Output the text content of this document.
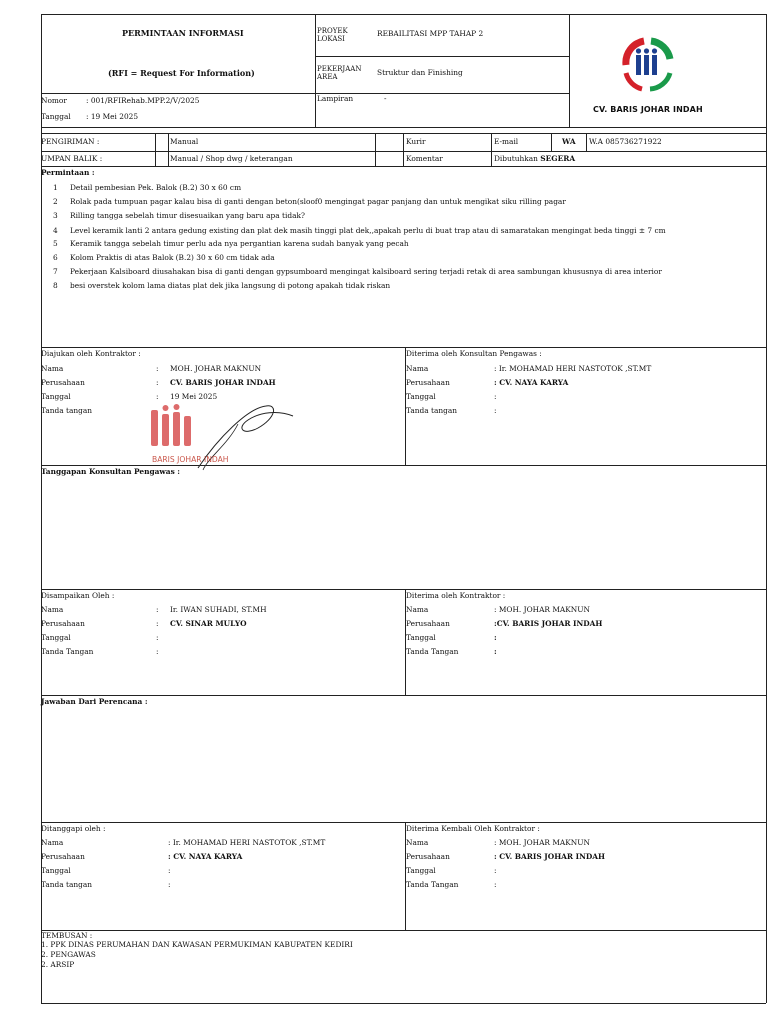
PERMINTAAN INFORMASI
(RFI = Request For Information)
PROYEK LOKASI
REBAILITASI MPP TAHAP 2
PEKERJAAN AREA
Struktur dan Finishing
Lampiran	-
Nomor	: 001/RFIRehab.MPP.2/V/2025
Tanggal : 19 Mei 2025
CV. BARIS JOHAR INDAH
PENGIRIMAN :	Manual	Kurir	E-mail	WA W.A 085736271922
UMPAN BALIK :	Manual / Shop dwg / keterangan	Komentar	Dibutuhkan SEGERA
Permintaan :
1 Detail pembesian Pek. Balok (B.2) 30 x 60 cm
2 Rolak pada tumpuan pagar kalau bisa di ganti dengan beton(sloof0 mengingat pagar panjang dan untuk mengikat siku rilling pagar
3 Rilling tangga sebelah timur disesuaikan yang baru apa tidak?
4 Level keramik lanti 2 antara gedung existing dan plat dek masih tinggi plat dek,,apakah perlu di buat trap atau di samaratakan mengingat beda tinggi ± 7 cm
5 Keramik tangga sebelah timur perlu ada nya pergantian karena sudah banyak yang pecah
6 Kolom Praktis di atas Balok (B.2) 30 x 60 cm tidak ada
7 Pekerjaan Kalsiboard diusahakan bisa di ganti dengan gypsumboard mengingat kalsiboard sering terjadi retak di area sambungan khususnya di area interior
8 besi overstek kolom lama diatas plat dek jika langsung di potong apakah tidak riskan
Diajukan oleh Kontraktor :
Nama	: MOH. JOHAR MAKNUN
Perusahaan	: CV. BARIS JOHAR INDAH
Tanggal	: 19 Mei 2025
Tanda tangan
BARIS JOHAR INDAH
Diterima oleh Konsultan Pengawas :
Nama	: Ir. MOHAMAD HERI NASTOTOK ,ST.MT
Perusahaan	: CV. NAYA KARYA
Tanggal	:
Tanda tangan	:
Tanggapan Konsultan Pengawas :
Disampaikan Oleh :
Nama	: Ir. IWAN SUHADI, ST.MH
Perusahaan	: CV. SINAR MULYO
Tanggal	:
Tanda Tangan	:
Diterima oleh Kontraktor :
Nama	: MOH. JOHAR MAKNUN
Perusahaan	:CV. BARIS JOHAR INDAH
Tanggal	:
Tanda Tangan	:
Jawaban Dari Perencana :
Ditanggapi oleh :
Nama	: Ir. MOHAMAD HERI NASTOTOK ,ST.MT
Perusahaan	: CV. NAYA KARYA
Tanggal	:
Tanda tangan	:
Diterima Kembali Oleh Kontraktor :
Nama	: MOH. JOHAR MAKNUN
Perusahaan	: CV. BARIS JOHAR INDAH
Tanggal	:
Tanda Tangan	:
TEMBUSAN :
1. PPK DINAS PERUMAHAN DAN KAWASAN PERMUKIMAN KABUPATEN KEDIRI
2. PENGAWAS
2. ARSIP
